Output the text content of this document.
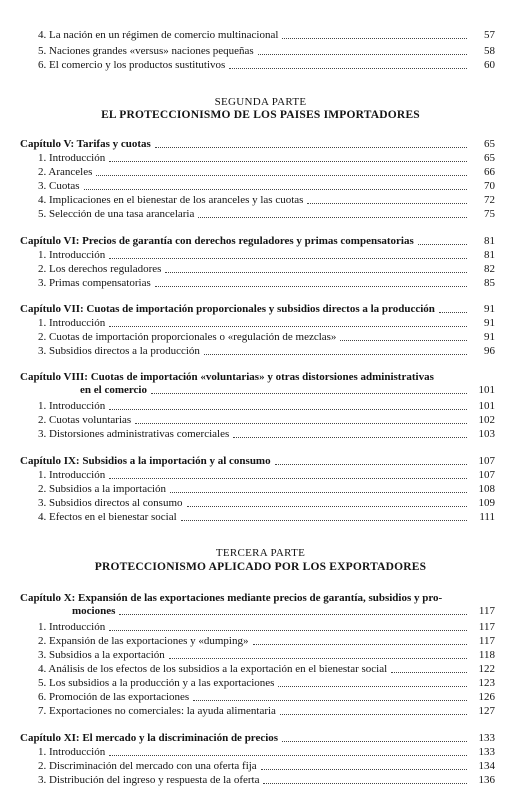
4. La nación en un régimen de comercio multinacional	57
5. Naciones grandes «versus» naciones pequeñas	58
6. El comercio y los productos sustitutivos	60
SEGUNDA PARTE
EL PROTECCIONISMO DE LOS PAISES IMPORTADORES
Capítulo V: Tarifas y cuotas	65
1. Introducción	65
2. Aranceles	66
3. Cuotas	70
4. Implicaciones en el bienestar de los aranceles y las cuotas	72
5. Selección de una tasa arancelaria	75
Capítulo VI: Precios de garantía con derechos reguladores y primas compensatorias	81
1. Introducción	81
2. Los derechos reguladores	82
3. Primas compensatorias	85
Capítulo VII: Cuotas de importación proporcionales y subsidios directos a la producción	91
1. Introducción	91
2. Cuotas de importación proporcionales o «regulación de mezclas»	91
3. Subsidios directos a la producción	96
Capítulo VIII: Cuotas de importación «voluntarias» y otras distorsiones administrativas
en el comercio	101
1. Introducción	101
2. Cuotas voluntarias	102
3. Distorsiones administrativas comerciales	103
Capítulo IX: Subsidios a la importación y al consumo	107
1. Introducción	107
2. Subsidios a la importación	108
3. Subsidios directos al consumo	109
4. Efectos en el bienestar social	111
TERCERA PARTE
PROTECCIONISMO APLICADO POR LOS EXPORTADORES
Capítulo X: Expansión de las exportaciones mediante precios de garantía, subsidios y pro-
mociones	117
1. Introducción	117
2. Expansión de las exportaciones y «dumping»	117
3. Subsidios a la exportación	118
4. Análisis de los efectos de los subsidios a la exportación en el bienestar social	122
5. Los subsidios a la producción y a las exportaciones	123
6. Promoción de las exportaciones	126
7. Exportaciones no comerciales: la ayuda alimentaria	127
Capítulo XI: El mercado y la discriminación de precios	133
1. Introducción	133
2. Discriminación del mercado con una oferta fija	134
3. Distribución del ingreso y respuesta de la oferta	136
